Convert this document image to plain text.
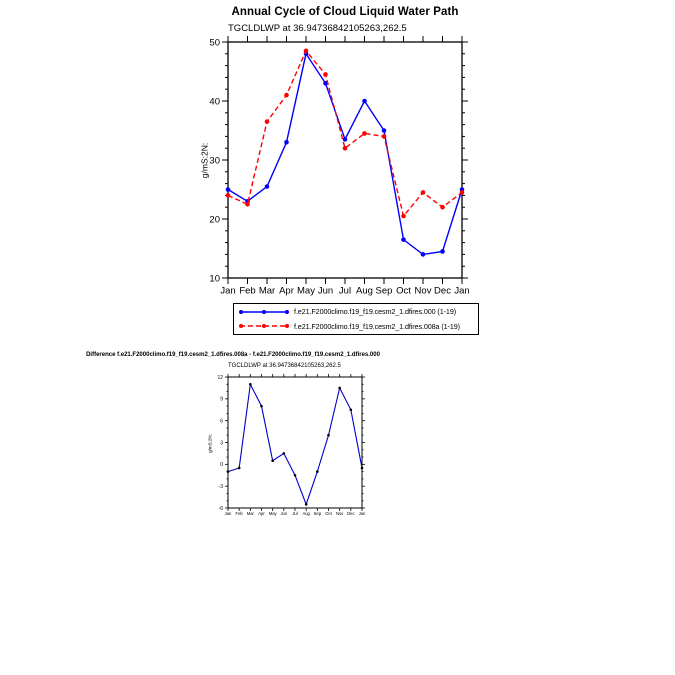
Annual Cycle of Cloud Liquid Water Path
TGCLDLWP at 36.94736842105263,262.5
g/mS:2N:
10
20
30
40
50
Jan Feb Mar Apr May Jun Jul Aug Sep Oct Nov Dec Jan
f.e21.F2000climo.f19_f19.cesm2_1.dfires.000 (1-19)
f.e21.F2000climo.f19_f19.cesm2_1.dfires.008a (1-19)
Difference f.e21.F2000climo.f19_f19.cesm2_1.dfires.008a - f.e21.F2000climo.f19_f19.cesm2_1.dfires.000
TGCLDLWP at 36.94736842105263,262.5
g/mS:2N:
-6
-3
0
3
6
9
12
Jan Feb Mar Apr May Jun Jul Aug Sep Oct Nov Dec Jan
